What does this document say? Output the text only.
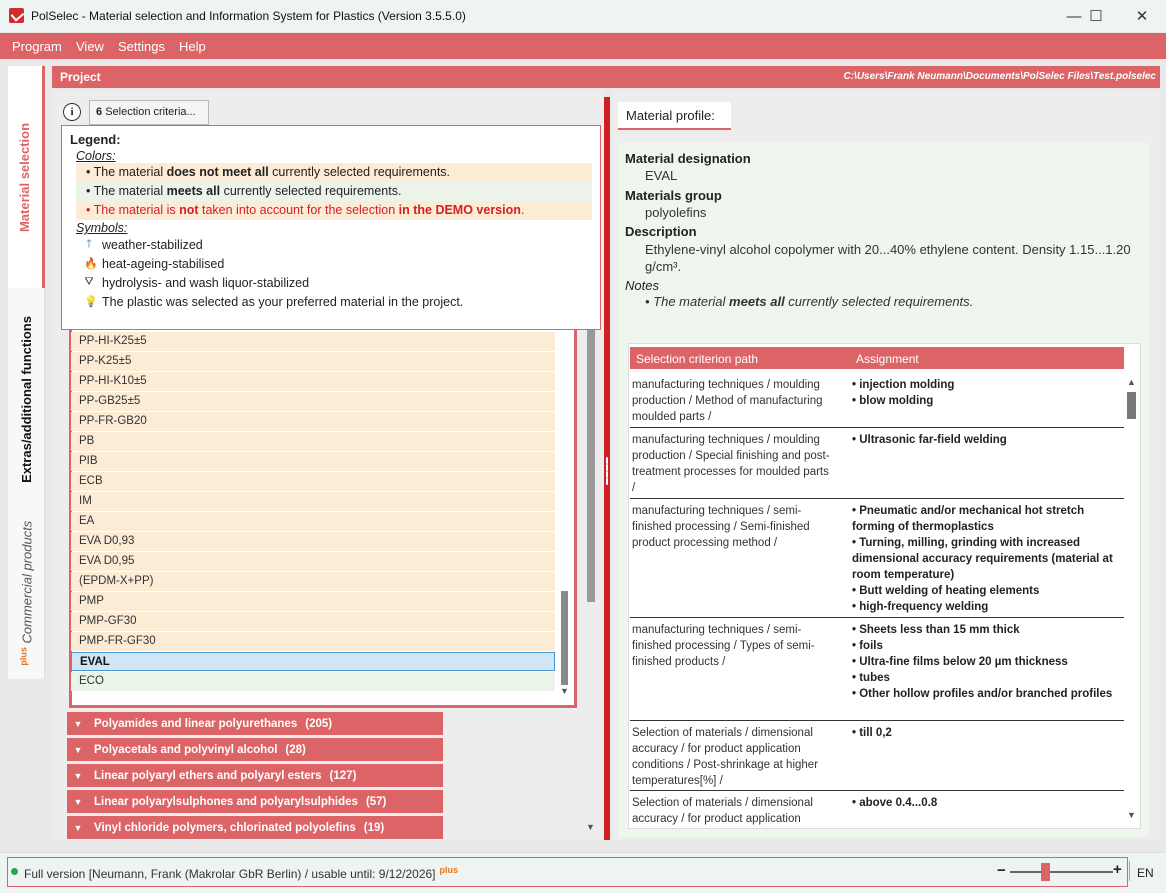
PolSelec - Material selection and Information System for Plastics (Version 3.5.5.0)	— ☐	✕
Program View Settings Help
Material selection
Extras/additional functions
$^{plus}$ Commercial products
Project	C:\Users\Frank Neumann\Documents\PolSelec Files\Test.polselec
i	6 Selection criteria...
PP-HI-K25±5
PP-K25±5
PP-HI-K10±5
PP-GB25±5
PP-FR-GB20
PB
PIB
ECB
IM
EA
EVA D0,93
EVA D0,95
(EPDM-X+PP)
PMP
PMP-GF30
PMP-FR-GF30
EVAL
ECO
▼
Legend:
Colors:
• The material does not meet all currently selected requirements.
• The material meets all currently selected requirements.
• The material is not taken into account for the selection in the DEMO version.
Symbols:
🡑 weather-stabilized
🔥 heat-ageing-stabilised
⛛ hydrolysis- and wash liquor-stabilized
💡 The plastic was selected as your preferred material in the project.
▼	Polyamides and linear polyurethanes (205)
▼	Polyacetals and polyvinyl alcohol (28)
▼	Linear polyaryl ethers and polyaryl esters (127)
▼	Linear polyarylsulphones and polyarylsulphides (57)
▼	Vinyl chloride polymers, chlorinated polyolefins (19)	▼
Material profile:
Material designation
EVAL
Materials group
polyolefins
Description
Ethylene-vinyl alcohol copolymer with 20...40% ethylene content. Density 1.15...1.20 g/cm³.
Notes
• The material meets all currently selected requirements.
Selection criterion path	Assignment
manufacturing techniques / moulding production / Method of manufacturing moulded parts /
• injection molding
• blow molding
manufacturing techniques / moulding production / Special finishing and post-treatment processes for moulded parts /
• Ultrasonic far-field welding
manufacturing techniques / semi-finished processing / Semi-finished product processing method /
• Pneumatic and/or mechanical hot stretch forming of thermoplastics
• Turning, milling, grinding with increased dimensional accuracy requirements (material at room temperature)
• Butt welding of heating elements
• high-frequency welding
manufacturing techniques / semi-finished processing / Types of semi-finished products /
• Sheets less than 15 mm thick
• foils
• Ultra-fine films below 20 µm thickness
• tubes
• Other hollow profiles and/or branched profiles
Selection of materials / dimensional accuracy / for product application conditions / Post-shrinkage at higher temperatures[%] /
• till 0,2
Selection of materials / dimensional accuracy / for product application
• above 0.4...0.8
▲
▼
Full version [Neumann, Frank (Makrolar GbR Berlin) / usable until: 9/12/2026] $^{plus}$	−	+ EN
